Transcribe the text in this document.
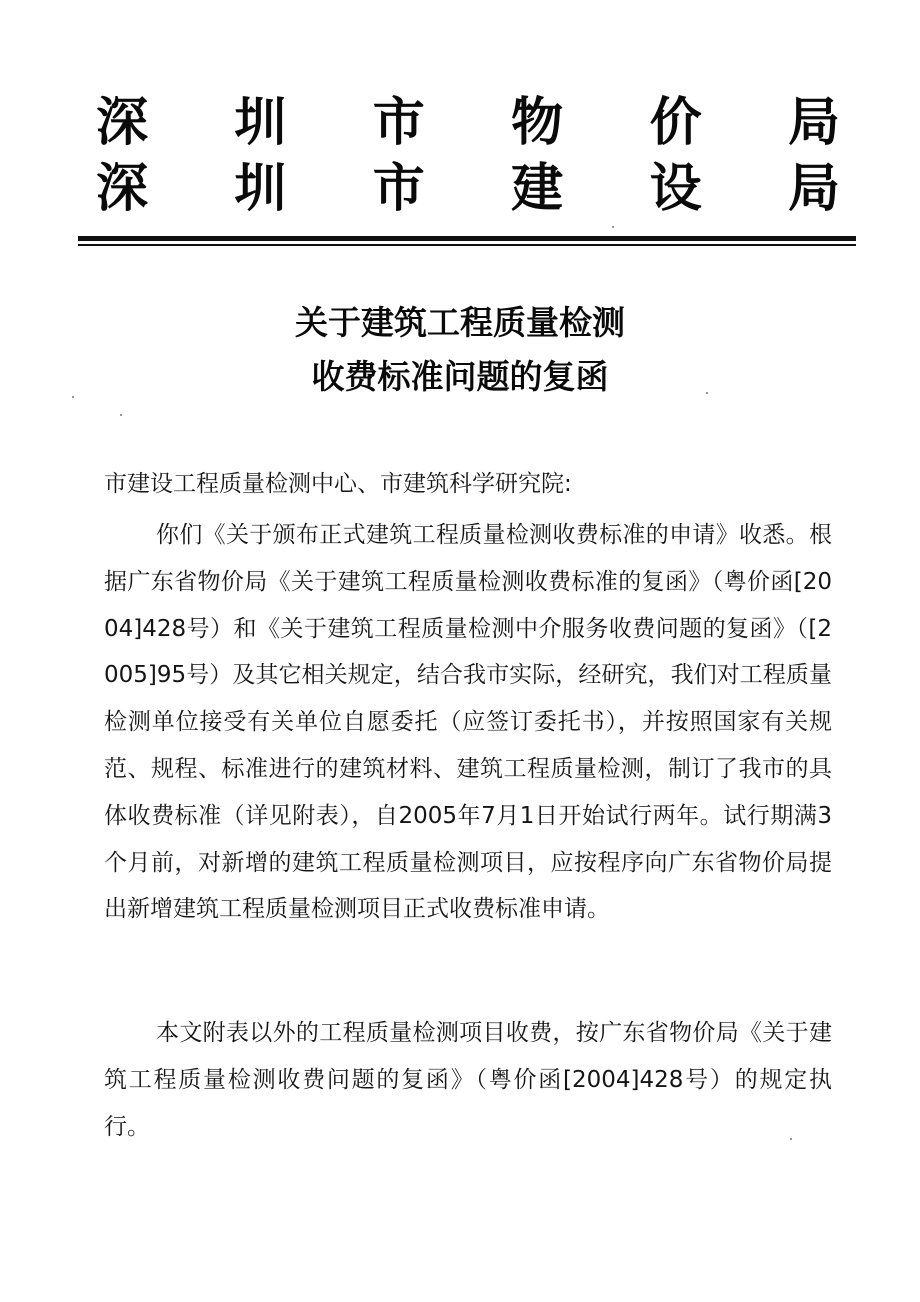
深 圳 市 物 价 局
深 圳 市 建 设 局
关于建筑工程质量检测
收费标准问题的复函
市建设工程质量检测中心、市建筑科学研究院:

你们《关于颁布正式建筑工程质量检测收费标准的申请》收悉。根据广东省物价局《关于建筑工程质量检测收费标准的复函》（粤价函[2004]428号）和《关于建筑工程质量检测中介服务收费问题的复函》（[2005]95号）及其它相关规定，结合我市实际，经研究，我们对工程质量检测单位接受有关单位自愿委托（应签订委托书），并按照国家有关规范、规程、标准进行的建筑材料、建筑工程质量检测，制订了我市的具体收费标准（详见附表），自2005年7月1日开始试行两年。试行期满3个月前，对新增的建筑工程质量检测项目，应按程序向广东省物价局提出新增建筑工程质量检测项目正式收费标准申请。

本文附表以外的工程质量检测项目收费，按广东省物价局《关于建筑工程质量检测收费问题的复函》（粤价函[2004]428号）的规定执行。
